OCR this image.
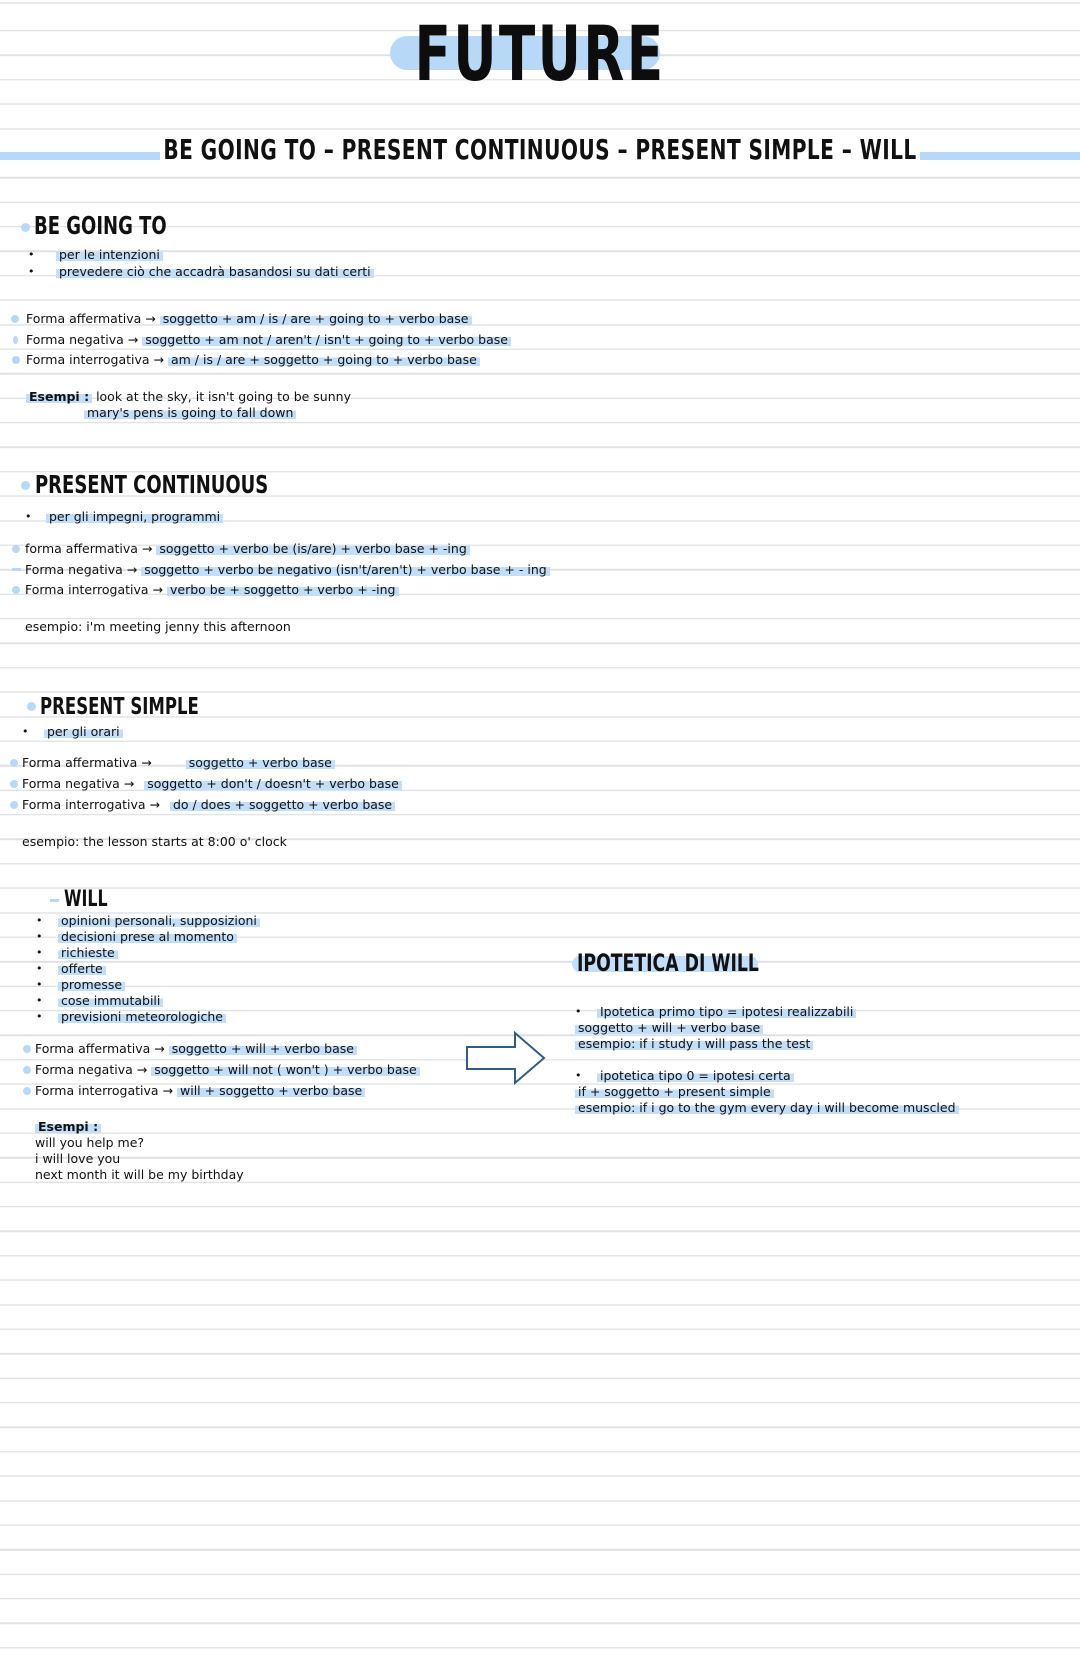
FUTURE
BE GOING TO – PRESENT CONTINUOUS – PRESENT SIMPLE – WILL
BE GOING TO
• per le intenzioni
• prevedere ciò che accadrà basandosi su dati certi
Forma affermativa → soggetto + am / is / are + going to + verbo base
Forma negativa → soggetto + am not / aren't / isn't + going to + verbo base
Forma interrogativa → am / is / are + soggetto + going to + verbo base
Esempi : look at the sky, it isn't going to be sunny
mary's pens is going to fall down
PRESENT CONTINUOUS
• per gli impegni, programmi
forma affermativa → soggetto + verbo be (is/are) + verbo base + -ing
Forma negativa → soggetto + verbo be negativo (isn't/aren't) + verbo base + - ing
Forma interrogativa → verbo be + soggetto + verbo + -ing
esempio: i'm meeting jenny this afternoon
PRESENT SIMPLE
• per gli orari
Forma affermativa →	soggetto + verbo base
Forma negativa → soggetto + don't / doesn't + verbo base
Forma interrogativa → do / does + soggetto + verbo base
esempio: the lesson starts at 8:00 o' clock
WILL
• opinioni personali, supposizioni
• decisioni prese al momento
• richieste
• offerte
• promesse
• cose immutabili
• previsioni meteorologiche
Forma affermativa → soggetto + will + verbo base
Forma negativa → soggetto + will not ( won't ) + verbo base
Forma interrogativa → will + soggetto + verbo base
Esempi :
will you help me?
i will love you
next month it will be my birthday
IPOTETICA DI WILL
• Ipotetica primo tipo = ipotesi realizzabili
soggetto + will + verbo base
esempio: if i study i will pass the test
• ipotetica tipo 0 = ipotesi certa
if + soggetto + present simple
esempio: if i go to the gym every day i will become muscled
